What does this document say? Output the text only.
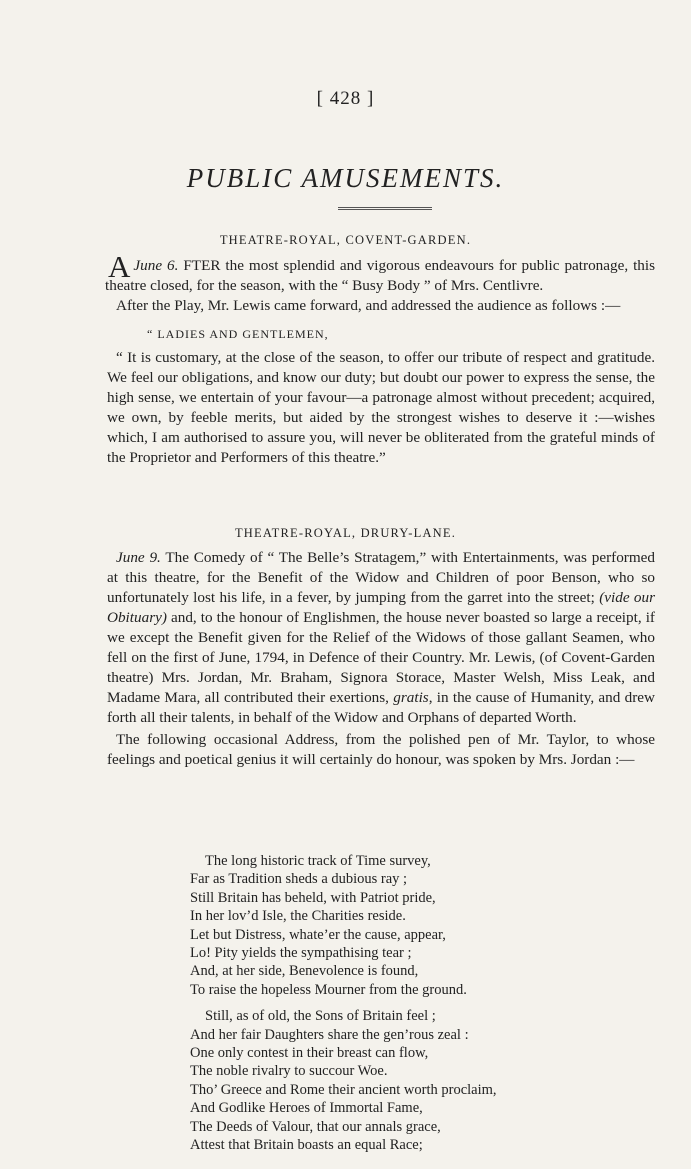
[ 428 ]
PUBLIC AMUSEMENTS.
THEATRE-ROYAL, COVENT-GARDEN.

June 6.
A	FTER the most splendid and vigorous endeavours for public patronage, this theatre closed, for the season, with the “ Busy Body ” of Mrs. Centlivre.

After the Play, Mr. Lewis came forward, and addressed the audience as follows :—

“ LADIES AND GENTLEMEN,

“ It is customary, at the close of the season, to offer our tribute of respect and gratitude. We feel our obligations, and know our duty; but doubt our power to express the sense, the high sense, we entertain of your favour—a patronage almost without precedent; acquired, we own, by feeble merits, but aided by the strongest wishes to deserve it :—wishes which, I am authorised to assure you, will never be obliterated from the grateful minds of the Proprietor and Performers of this theatre.”

THEATRE-ROYAL, DRURY-LANE.

June 9. The Comedy of “ The Belle’s Stratagem,” with Entertainments, was performed at this theatre, for the Benefit of the Widow and Children of poor Benson, who so unfortunately lost his life, in a fever, by jumping from the garret into the street; (vide our Obituary) and, to the honour of Englishmen, the house never boasted so large a receipt, if we except the Benefit given for the Relief of the Widows of those gallant Seamen, who fell on the first of June, 1794, in Defence of their Country. Mr. Lewis, (of Covent-Garden theatre) Mrs. Jordan, Mr. Braham, Signora Storace, Master Welsh, Miss Leak, and Madame Mara, all contributed their exertions, gratis, in the cause of Humanity, and drew forth all their talents, in behalf of the Widow and Orphans of departed Worth.

The following occasional Address, from the polished pen of Mr. Taylor, to whose feelings and poetical genius it will certainly do honour, was spoken by Mrs. Jordan :—

The long historic track of Time survey,
Far as Tradition sheds a dubious ray ;
Still Britain has beheld, with Patriot pride,
In her lov’d Isle, the Charities reside.
Let but Distress, whate’er the cause, appear,
Lo! Pity yields the sympathising tear ;
And, at her side, Benevolence is found,
To raise the hopeless Mourner from the ground.
Still, as of old, the Sons of Britain feel ;
And her fair Daughters share the gen’rous zeal :
One only contest in their breast can flow,
The noble rivalry to succour Woe.
Tho’ Greece and Rome their ancient worth proclaim,
And Godlike Heroes of Immortal Fame,
The Deeds of Valour, that our annals grace,
Attest that Britain boasts an equal Race;
